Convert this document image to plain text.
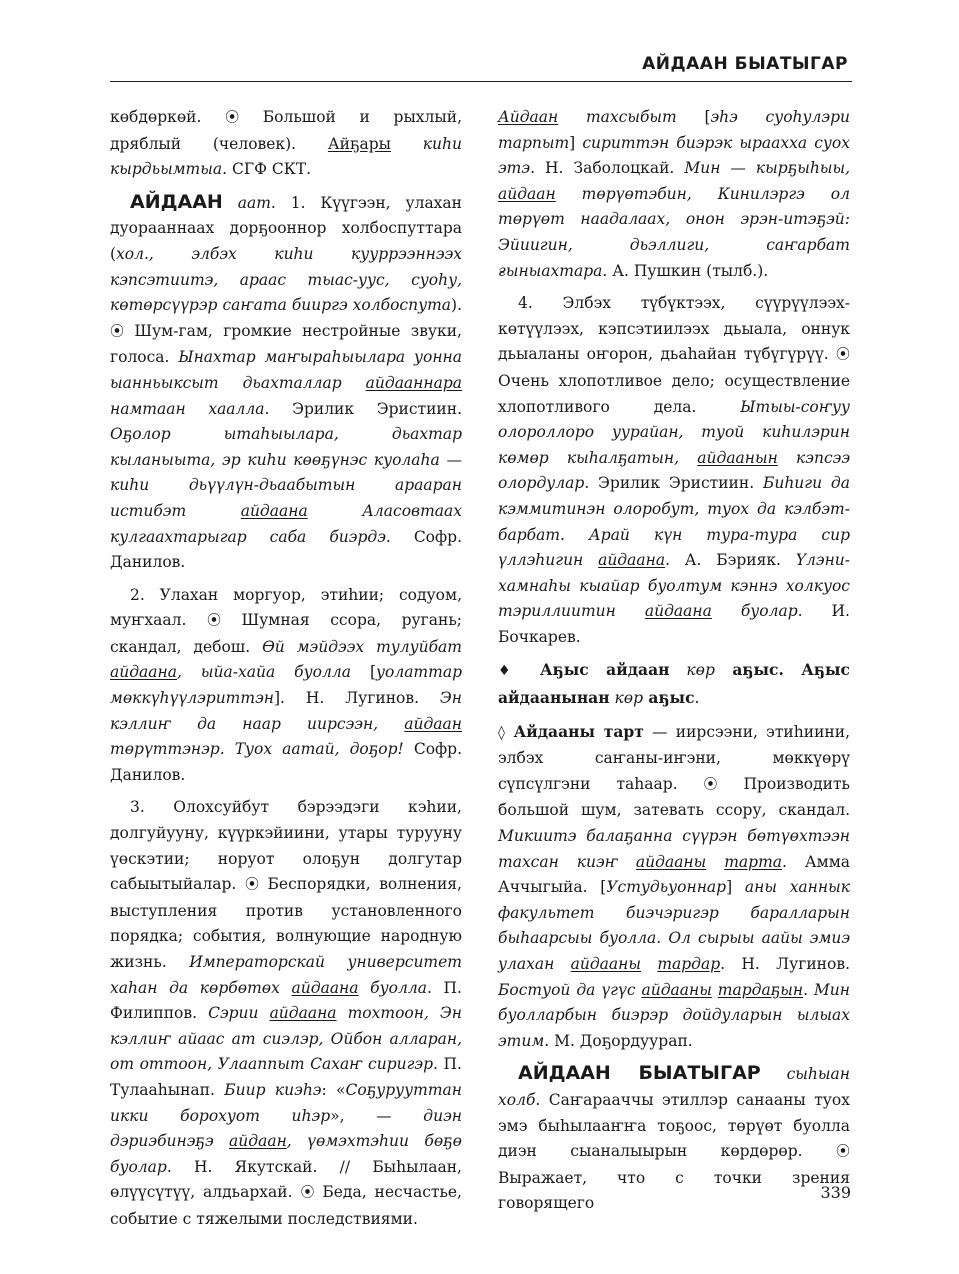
АЙДААН БЫАТЫГАР

көбдөркөй. ⦿ Большой и рыхлый, дряблый (человек). Айҕары киһи кырдьымтыа. СГФ СКТ.

АЙДААН аат. 1. Күүгээн, улахан дуорааннаах дорҕооннор холбоспуттара (хол., элбэх киһи кууррээннээх кэпсэтиитэ, араас тыас-уус, суоһу, көтөрсүүрэр саҥата бииргэ холбоспута). ⦿ Шум-гам, громкие нестройные звуки, голоса. Ынахтар маҥыраһыылара уонна ыанньыксыт дьахталлар айдааннара намтаан хаалла. Эрилик Эристиин. Оҕолор ытаһыылара, дьахтар кыланыыта, эр киһи көөҕүнэс куолаһа — киһи дьүүлүн-дьаабытын арааран истибэт айдаана Аласовтаах кулгаахтарыгар саба биэрдэ. Софр. Данилов.

2. Улахан моргуор, этиһии; содуом, муҥхаал. ⦿ Шумная ссора, ругань; скандал, дебош. Өй мэйдээх тулуйбат айдаана, ыйа-хайа буолла [уолаттар мөккүһүүлэриттэн]. Н. Лугинов. Эн кэллиҥ да наар иирсээн, айдаан төрүттэнэр. Туох аатай, доҕор! Софр. Данилов.

3. Олохсуйбут бэрээдэги кэһии, долгуйууну, күүркэйиини, утары турууну үөскэтии; норуот олоҕун долгутар сабыытыйалар. ⦿ Беспорядки, волнения, выступления против установленного порядка; события, волнующие народную жизнь. Императорскай университет хаһан да көрбөтөх айдаана буолла. П. Филиппов. Сэрии айдаана тохтоон, Эн кэллиҥ айаас ат сиэлэр, Ойбон алларан, от оттоон, Улааппыт Сахаҥ сиригэр. П. Тулааһынап. Биир киэһэ: «Соҕурууттан икки борохуот иһэр», — диэн дэриэбинэҕэ айдаан, үөмэхтэһии бөҕө буолар. Н. Якутскай. // Быһылаан, өлүүсүтүү, алдьархай. ⦿ Беда, несчастье, событие с тяжелыми последствиями.

Айдаан тахсыбыт [эһэ суоһулэри тарпыт] сириттэн биэрэк ыраахха суох этэ. Н. Заболоцкай. Мин — кырҕыһыы, айдаан төрүөтэбин, Кинилэргэ ол төрүөт наадалаах, онон эрэн-итэҕэй: Эйиигин, дьэллиги, саҥарбат ғыныахтара. А. Пушкин (тылб.).

4. Элбэх түбүктээх, сүүрүүлээх-көтүүлээх, кэпсэтиилээх дьыала, оннук дьыаланы оҥорон, дьаһайан түбүгүрүү. ⦿ Очень хлопотливое дело; осуществление хлопотливого дела. Ытыы-соҥуу олороллоро уурайан, туой киһилэрин көмөр кыһалҕатын, айдаанын кэпсээ олордулар. Эрилик Эристиин. Биһиги да кэммитинэн олоробут, туох да кэлбэт-барбат. Арай күн тура-тура сир үллэһигин айдаана. А. Бэрияк. Үлэни-хамнаһы кыайар буолтум кэннэ холкуос тэриллиитин айдаана буолар. И. Бочкарев.

♦ Аҕыс айдаан көр аҕыс. Аҕыс айдаанынан көр аҕыс.

◊ Айдааны тарт — иирсээни, этиһиини, элбэх саҥаны-иҥэни, мөккүөрү сүпсүлгэни таһаар. ⦿ Производить большой шум, затевать ссору, скандал. Микиитэ балаҕанна сүүрэн бөтүөхтээн тахсан киэҥ айдааны тарта. Амма Аччыгыйа. [Устудьуоннар] аны ханнык факультет биэчэригэр баралларын быһаарсыы буолла. Ол сырыы аайы эмиэ улахан айдааны тардар. Н. Лугинов. Бостуой да үгүс айдааны тардаҕын. Мин буолларбын биэрэр дойдуларын ылыах этим. М. Доҕордуурап.

АЙДААН БЫАТЫГАР сыһыан холб. Саҥарааччы этиллэр санааны туох эмэ быһылааҥҥа тоҕоос, төрүөт буолла диэн сыаналыырын көрдөрөр. ⦿ Выражает, что с точки зрения говорящего

339
